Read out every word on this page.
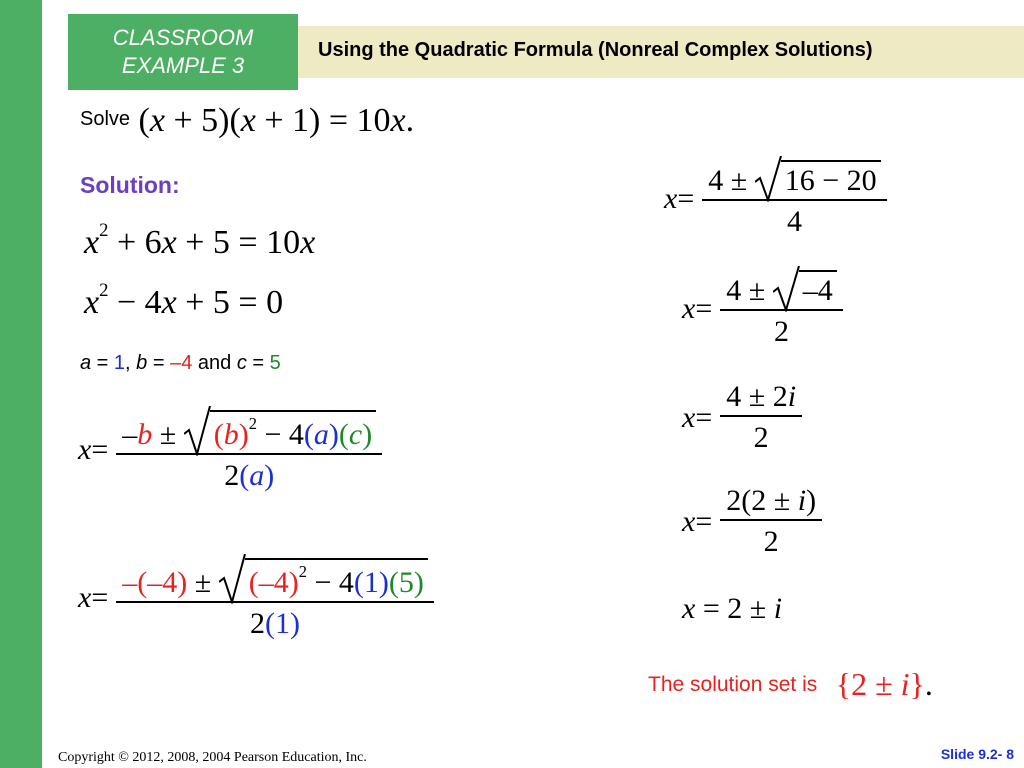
CLASSROOM
EXAMPLE 3
Using the Quadratic Formula (Nonreal Complex Solutions)
Solve (x + 5)(x + 1) = 10x.
Solution:
$x^2 + 6x + 5 = 10x$
$x^2 - 4x + 5 = 0$
a = 1, b = –4 and c = 5
x = –b ±
$(b)^2 - 4(a)(c)$
2(a)
x = –(–4) ±
$(-4)^2 - 4(1)(5)$
2(1)
x = 4 ±
16 − 20
4
x = 4 ±
–4
2
$x = \frac{4 \pm 2i}{2}$
$x = \frac{2(2 \pm i)}{2}$
x = 2 ± i
The solution set is {2 ± i}.
Copyright © 2012, 2008, 2004 Pearson Education, Inc.	Slide 9.2- 8
